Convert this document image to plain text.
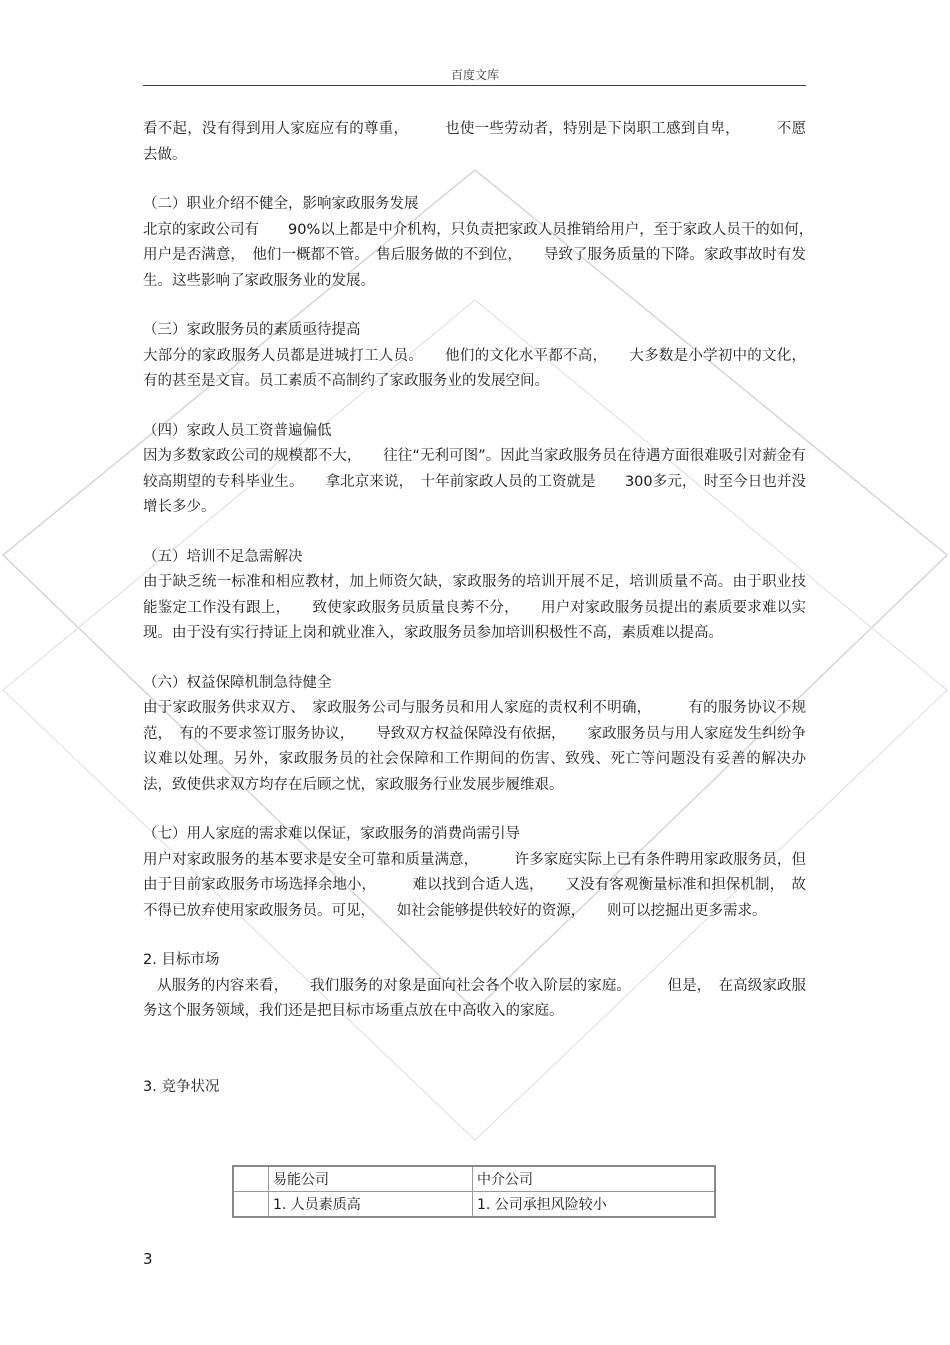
百度文库

看不起，没有得到用人家庭应有的尊重，　　　也使一些劳动者，特别是下岗职工感到自卑，　　　不愿去做。

（二）职业介绍不健全，影响家政服务发展

北京的家政公司有　　90%以上都是中介机构，只负责把家政人员推销给用户，至于家政人员干的如何，　用户是否满意，　他们一概都不管。　售后服务做的不到位，　　导致了服务质量的下降。家政事故时有发生。这些影响了家政服务业的发展。

（三）家政服务员的素质亟待提高

大部分的家政服务人员都是进城打工人员。　　他们的文化水平都不高，　　大多数是小学初中的文化，有的甚至是文盲。员工素质不高制约了家政服务业的发展空间。

（四）家政人员工资普遍偏低

因为多数家政公司的规模都不大，　　往往“无利可图”。因此当家政服务员在待遇方面很难吸引对薪金有较高期望的专科毕业生。　　拿北京来说，　十年前家政人员的工资就是　　300多元，　时至今日也并没增长多少。

（五）培训不足急需解决

由于缺乏统一标准和相应教材，加上师资欠缺，家政服务的培训开展不足，培训质量不高。由于职业技能鉴定工作没有跟上，　　致使家政服务员质量良莠不分，　　用户对家政服务员提出的素质要求难以实现。由于没有实行持证上岗和就业准入，家政服务员参加培训积极性不高，素质难以提高。

（六）权益保障机制急待健全

由于家政服务供求双方、　家政服务公司与服务员和用人家庭的责权利不明确，　　　有的服务协议不规范，　有的不要求签订服务协议，　　导致双方权益保障没有依据，　　家政服务员与用人家庭发生纠纷争议难以处理。另外，家政服务员的社会保障和工作期间的伤害、致残、死亡等问题没有妥善的解决办法，致使供求双方均存在后顾之忧，家政服务行业发展步履维艰。

（七）用人家庭的需求难以保证，家政服务的消费尚需引导

用户对家政服务的基本要求是安全可靠和质量满意，　　　许多家庭实际上已有条件聘用家政服务员，但由于目前家政服务市场选择余地小，　　　难以找到合适人选，　　又没有客观衡量标准和担保机制，　故不得已放弃使用家政服务员。可见，　　如社会能够提供较好的资源，　　则可以挖掘出更多需求。

2. 目标市场

从服务的内容来看，　　我们服务的对象是面向社会各个收入阶层的家庭。　　　但是，　在高级家政服务这个服务领域，我们还是把目标市场重点放在中高收入的家庭。

3. 竞争状况

	易能公司	中介公司
	1. 人员素质高	1. 公司承担风险较小
3
